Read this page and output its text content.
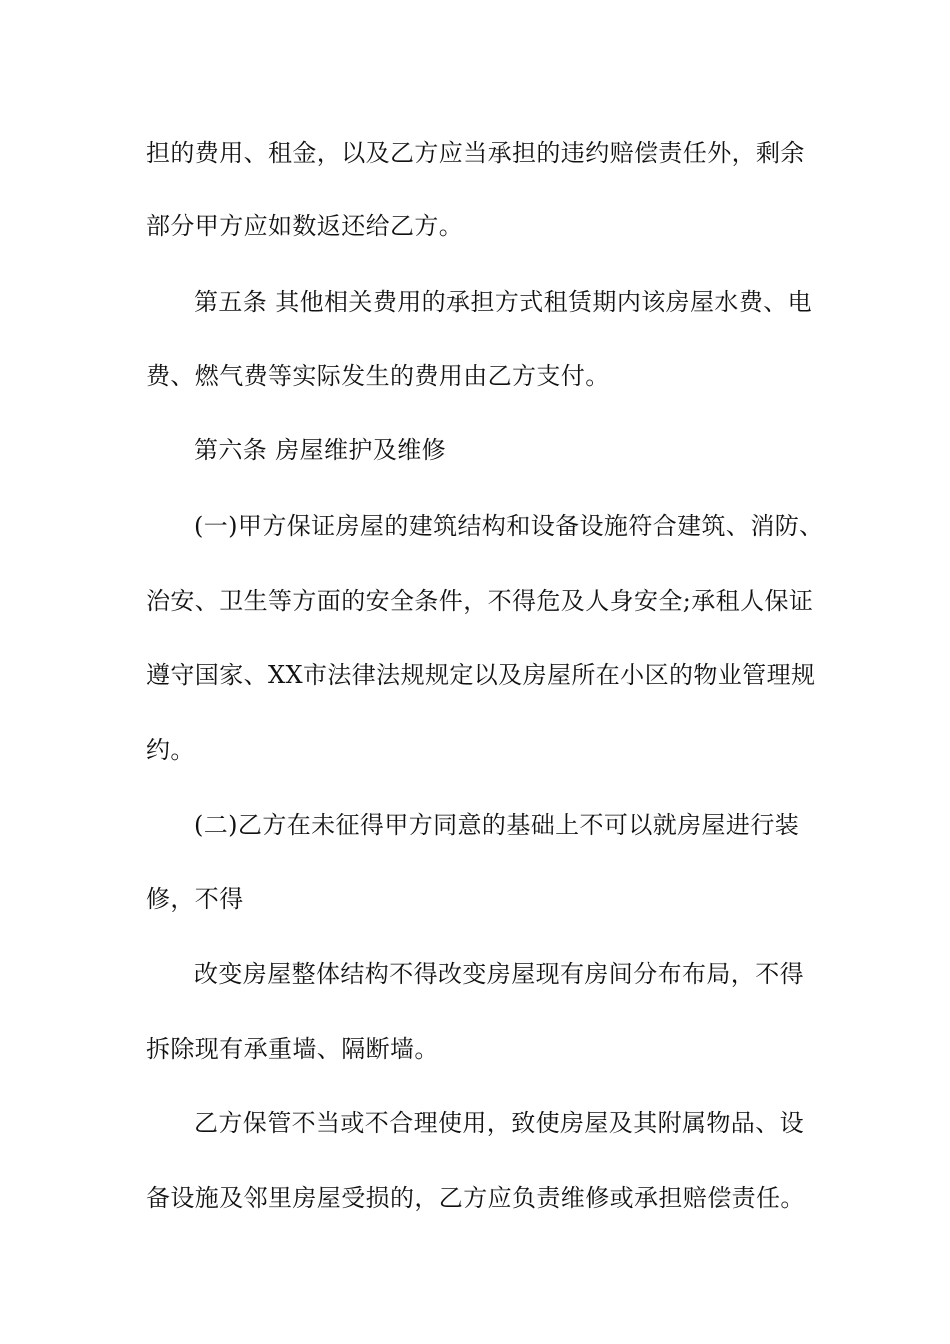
担的费用、租金，以及乙方应当承担的违约赔偿责任外，剩余
部分甲方应如数返还给乙方。
第五条 其他相关费用的承担方式租赁期内该房屋水费、电
费、燃气费等实际发生的费用由乙方支付。
第六条 房屋维护及维修
(一)甲方保证房屋的建筑结构和设备设施符合建筑、消防、
治安、卫生等方面的安全条件，不得危及人身安全;承租人保证
遵守国家、XX市法律法规规定以及房屋所在小区的物业管理规
约。
(二)乙方在未征得甲方同意的基础上不可以就房屋进行装
修，不得
改变房屋整体结构不得改变房屋现有房间分布布局，不得
拆除现有承重墙、隔断墙。
乙方保管不当或不合理使用，致使房屋及其附属物品、设
备设施及邻里房屋受损的，乙方应负责维修或承担赔偿责任。
